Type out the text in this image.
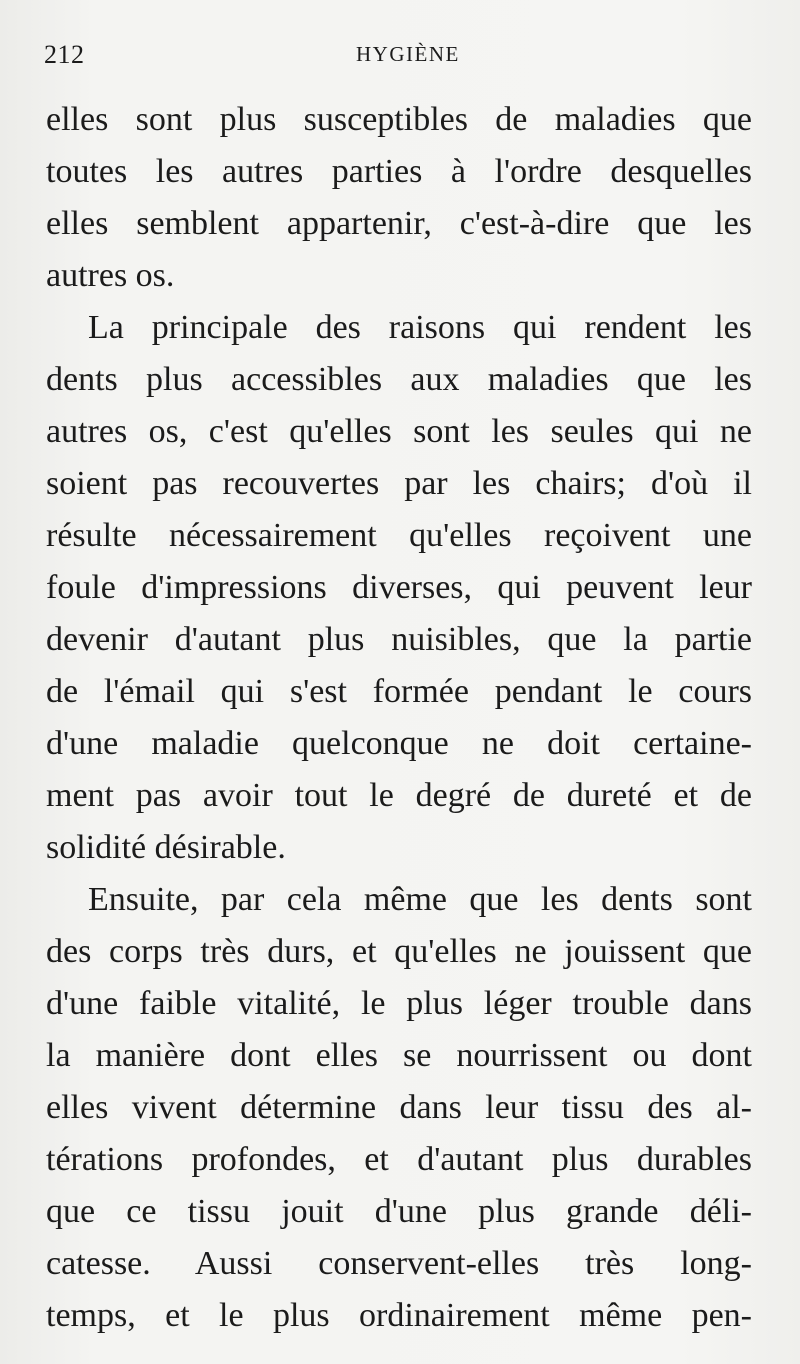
212	HYGIÈNE
elles sont plus susceptibles de maladies que
toutes les autres parties à l'ordre desquelles
elles semblent appartenir, c'est-à-dire que les
autres os.
La principale des raisons qui rendent les
dents plus accessibles aux maladies que les
autres os, c'est qu'elles sont les seules qui ne
soient pas recouvertes par les chairs; d'où il
résulte nécessairement qu'elles reçoivent une
foule d'impressions diverses, qui peuvent leur
devenir d'autant plus nuisibles, que la partie
de l'émail qui s'est formée pendant le cours
d'une maladie quelconque ne doit certaine-
ment pas avoir tout le degré de dureté et de
solidité désirable.
Ensuite, par cela même que les dents sont
des corps très durs, et qu'elles ne jouissent que
d'une faible vitalité, le plus léger trouble dans
la manière dont elles se nourrissent ou dont
elles vivent détermine dans leur tissu des al-
térations profondes, et d'autant plus durables
que ce tissu jouit d'une plus grande déli-
catesse. Aussi conservent-elles très long-
temps, et le plus ordinairement même pen-
